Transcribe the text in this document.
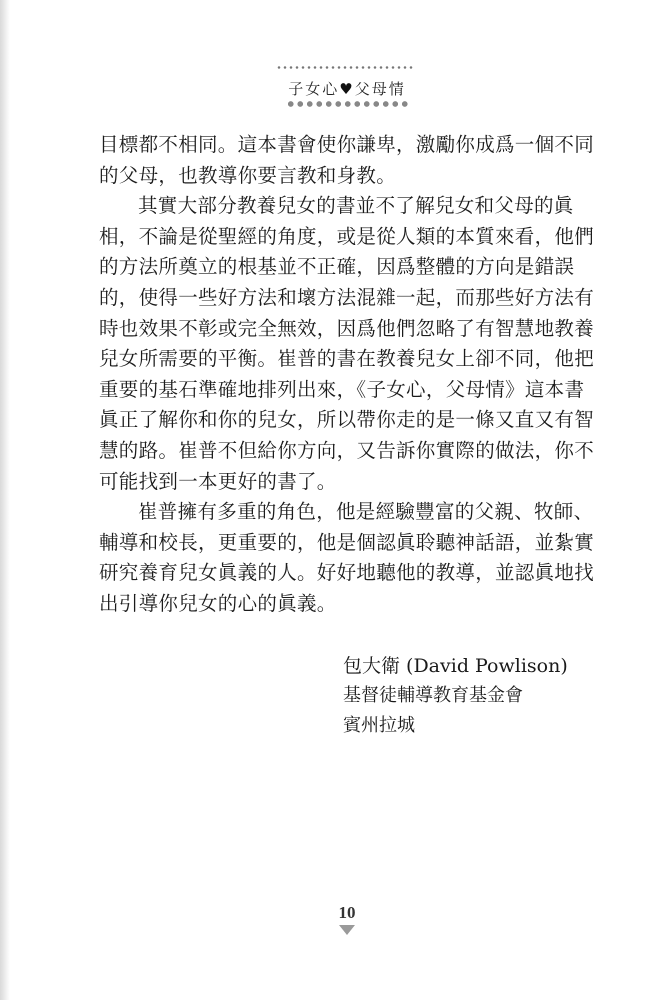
子女心♥父母情

目標都不相同。這本書會使你謙卑，激勵你成爲一個不同的父母，也教導你要言教和身教。

其實大部分教養兒女的書並不了解兒女和父母的眞相，不論是從聖經的角度，或是從人類的本質來看，他們的方法所奠立的根基並不正確，因爲整體的方向是錯誤的，使得一些好方法和壞方法混雜一起，而那些好方法有時也效果不彰或完全無效，因爲他們忽略了有智慧地教養兒女所需要的平衡。崔普的書在教養兒女上卻不同，他把重要的基石準確地排列出來，《子女心，父母情》這本書眞正了解你和你的兒女，所以帶你走的是一條又直又有智慧的路。崔普不但給你方向，又告訴你實際的做法，你不可能找到一本更好的書了。

崔普擁有多重的角色，他是經驗豐富的父親、牧師、輔導和校長，更重要的，他是個認眞聆聽神話語，並紮實研究養育兒女眞義的人。好好地聽他的教導，並認眞地找出引導你兒女的心的眞義。

包大衛 (David Powlison)
基督徒輔導教育基金會
賓州拉城
10
